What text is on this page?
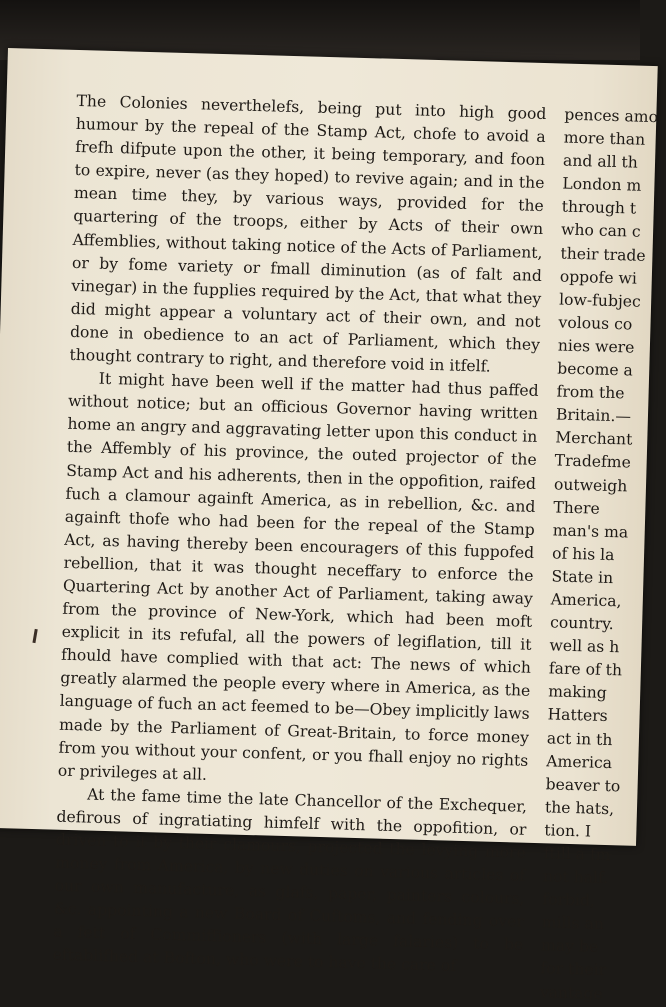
The Colonies neverthelefs, being put into high good humour by the repeal of the Stamp Act, chofe to avoid a frefh difpute upon the other, it being temporary, and foon to expire, never (as they hoped) to revive again; and in the mean time they, by various ways, provided for the quartering of the troops, either by Acts of their own Affemblies, without taking notice of the Acts of Parliament, or by fome variety or fmall diminution (as of falt and vinegar) in the fupplies required by the Act, that what they did might appear a voluntary act of their own, and not done in obedience to an act of Parliament, which they thought contrary to right, and therefore void in itfelf.

It might have been well if the matter had thus paffed without notice; but an officious Governor having written home an angry and aggravating letter upon this conduct in the Affembly of his province, the outed projector of the Stamp Act and his adherents, then in the oppofition, raifed fuch a clamour againft America, as in rebellion, &c. and againft thofe who had been for the repeal of the Stamp Act, as having thereby been encouragers of this fuppofed rebellion, that it was thought neceffary to enforce the Quartering Act by another Act of Parliament, taking away from the province of New-York, which had been moft explicit in its refufal, all the powers of legiflation, till it fhould have complied with that act: The news of which greatly alarmed the people every where in America, as the language of fuch an act feemed to be—Obey implicitly laws made by the Parliament of Great-Britain, to force money from you without your confent, or you fhall enjoy no rights or privileges at all.

At the fame time the late Chancellor of the Exchequer, defirous of ingratiating himfelf with the oppofition, or driven to it by their clamours, projected the levying more money from America, by new duties on various articles of our own manufacture, as glafs, paper, painters colours, &c. appointing a new Board of Cuftoms, and fending over a fett of Commiffioners (with large falaries) to be eftablifhed at Bofton, who were to have the care of

pences amo
more than
and all th
London m
through t
who can c
their trade
oppofe wi
low-fubjec
volous co
nies were
become a
from the
Britain.—
Merchant
Tradefme
outweigh
There
man's ma
of his la
State in
America,
country.
well as h
fare of th
making
Hatters
act in th
America
beaver to
the hats,
tion. I
ftill a fm
not half.
forbid,
mills an
may be
for their
vantage
